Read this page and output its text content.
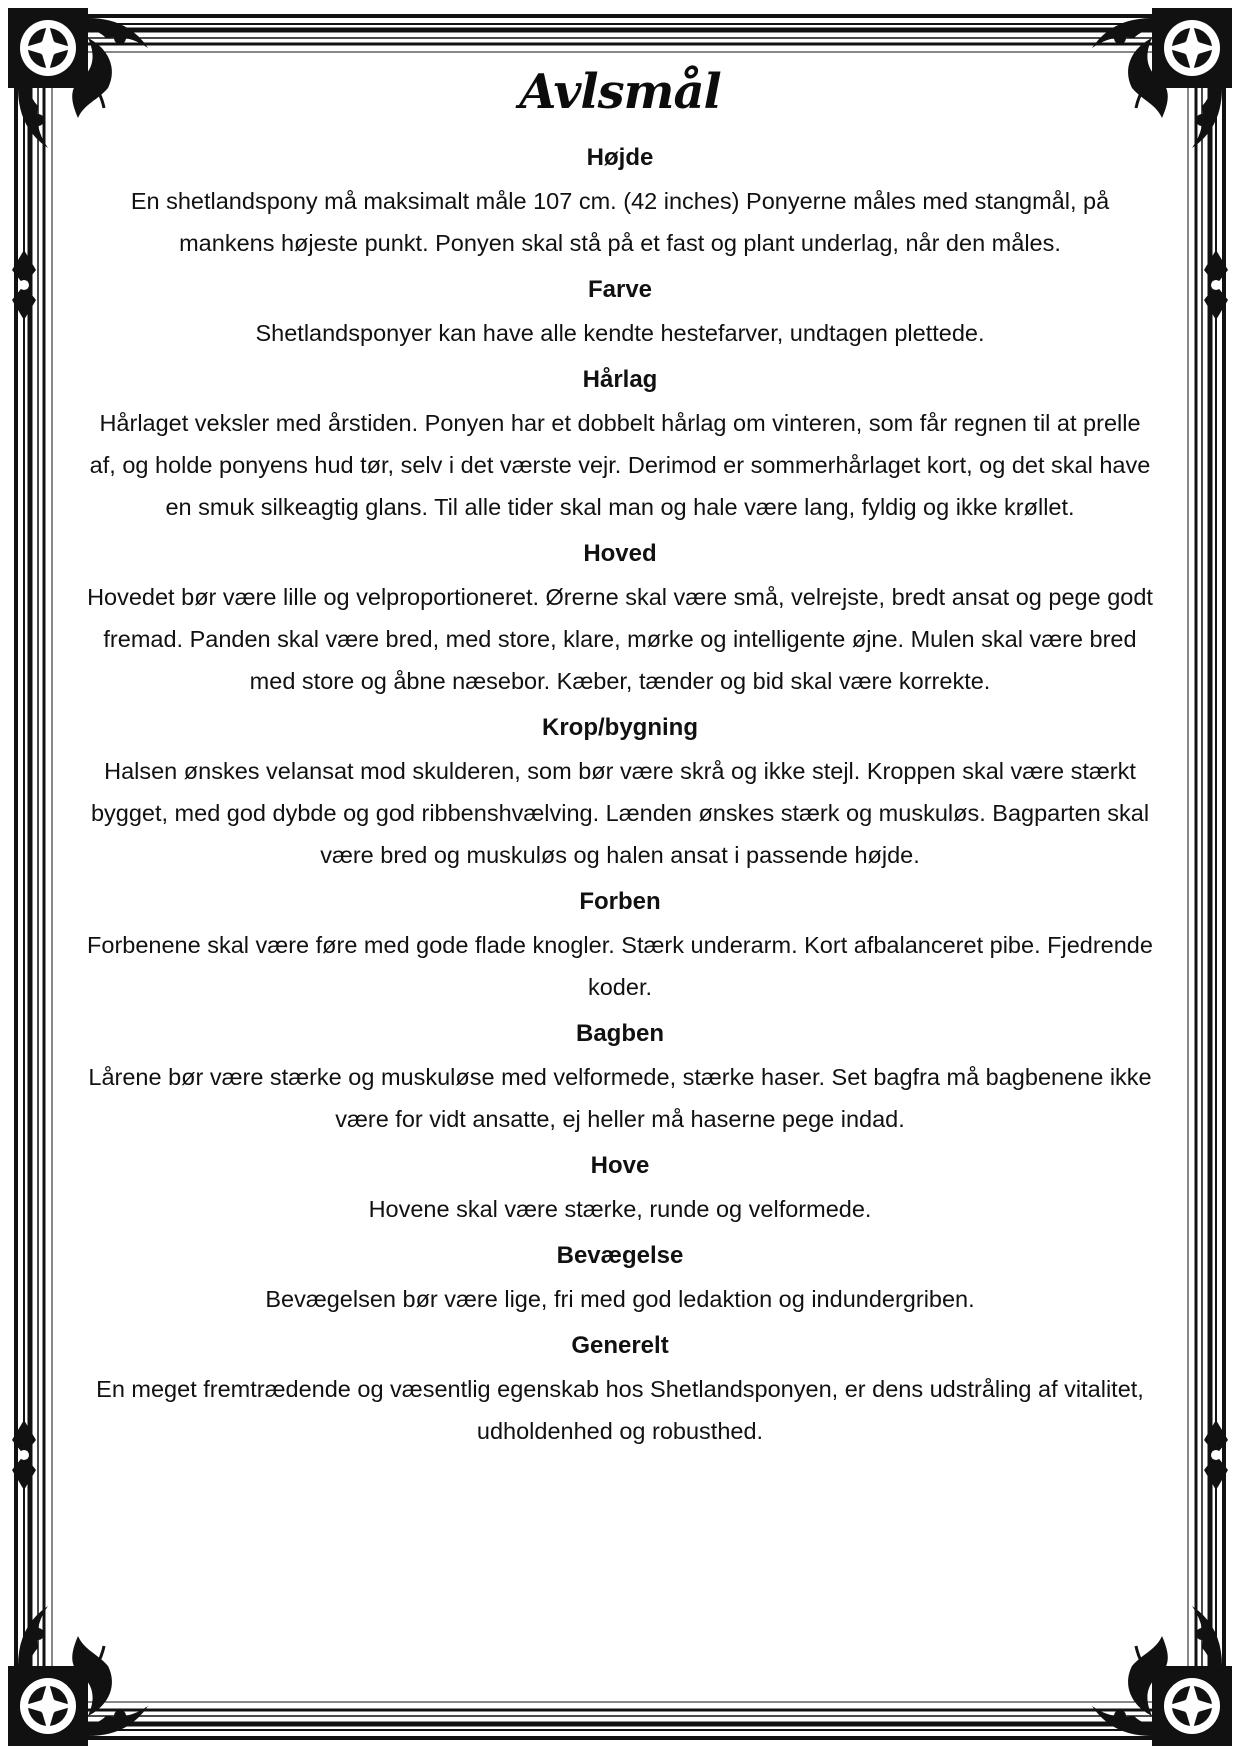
Avlsmål
Højde

En shetlandspony må maksimalt måle 107 cm. (42 inches) Ponyerne måles med stangmål, på mankens højeste punkt. Ponyen skal stå på et fast og plant underlag, når den måles.

Farve

Shetlandsponyer kan have alle kendte hestefarver, undtagen plettede.

Hårlag

Hårlaget veksler med årstiden. Ponyen har et dobbelt hårlag om vinteren, som får regnen til at prelle af, og holde ponyens hud tør, selv i det værste vejr. Derimod er sommerhårlaget kort, og det skal have en smuk silkeagtig glans. Til alle tider skal man og hale være lang, fyldig og ikke krøllet.

Hoved

Hovedet bør være lille og velproportioneret. Ørerne skal være små, velrejste, bredt ansat og pege godt fremad. Panden skal være bred, med store, klare, mørke og intelligente øjne. Mulen skal være bred med store og åbne næsebor. Kæber, tænder og bid skal være korrekte.

Krop/bygning

Halsen ønskes velansat mod skulderen, som bør være skrå og ikke stejl. Kroppen skal være stærkt bygget, med god dybde og god ribbenshvælving. Lænden ønskes stærk og muskuløs. Bagparten skal være bred og muskuløs og halen ansat i passende højde.

Forben

Forbenene skal være føre med gode flade knogler. Stærk underarm. Kort afbalanceret pibe. Fjedrende koder.

Bagben

Lårene bør være stærke og muskuløse med velformede, stærke haser. Set bagfra må bagbenene ikke være for vidt ansatte, ej heller må haserne pege indad.

Hove

Hovene skal være stærke, runde og velformede.

Bevægelse

Bevægelsen bør være lige, fri med god ledaktion og indundergriben.

Generelt

En meget fremtrædende og væsentlig egenskab hos Shetlandsponyen, er dens udstråling af vitalitet, udholdenhed og robusthed.
